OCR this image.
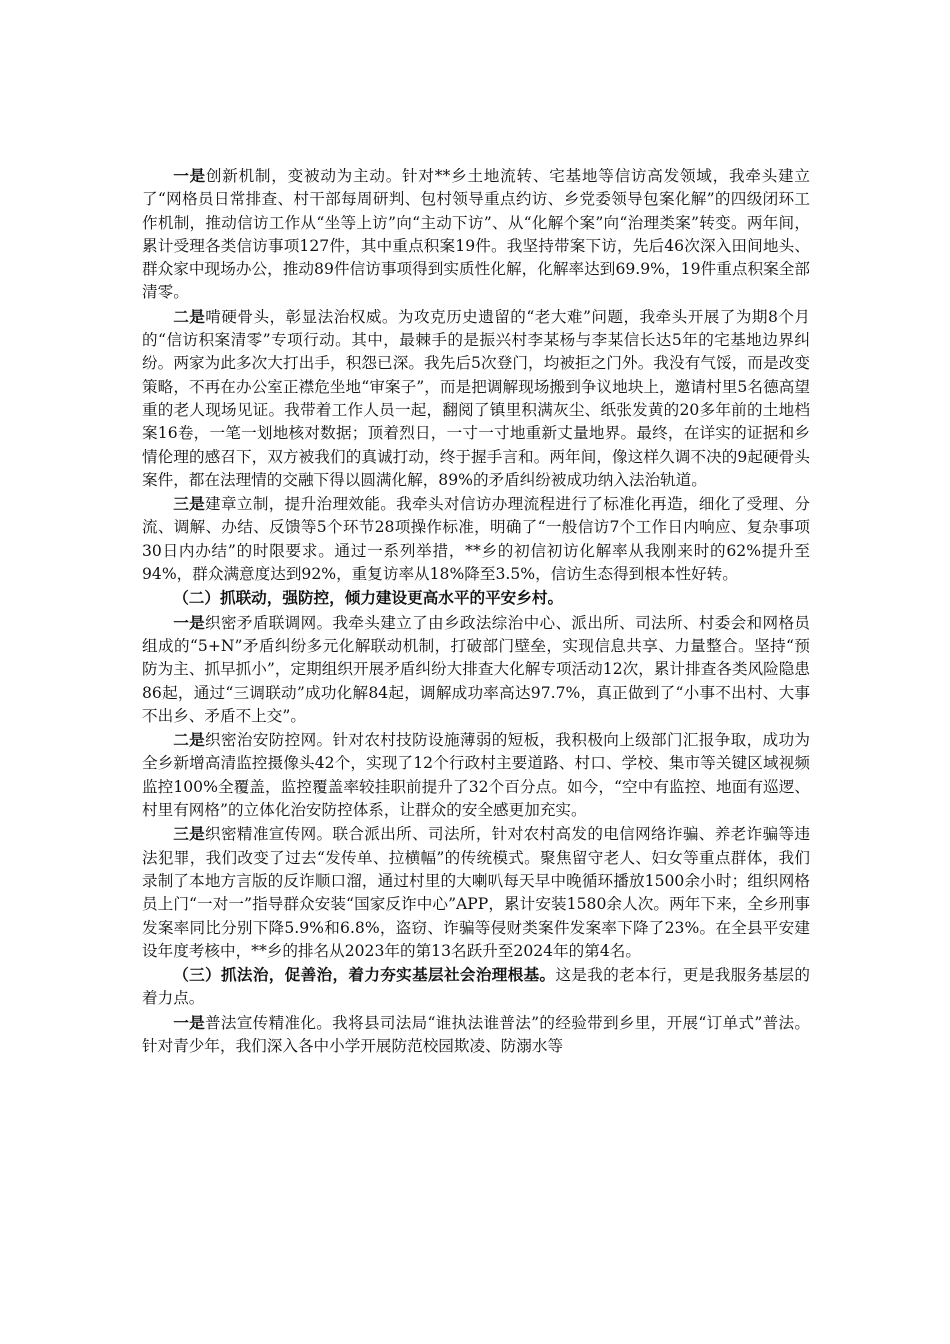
一是创新机制，变被动为主动。针对**乡土地流转、宅基地等信访高发领域，我牵头建立了“网格员日常排查、村干部每周研判、包村领导重点约访、乡党委领导包案化解”的四级闭环工作机制，推动信访工作从“坐等上访”向“主动下访”、从“化解个案”向“治理类案”转变。两年间，累计受理各类信访事项127件，其中重点积案19件。我坚持带案下访，先后46次深入田间地头、群众家中现场办公，推动89件信访事项得到实质性化解，化解率达到69.9%，19件重点积案全部清零。

二是啃硬骨头，彰显法治权威。为攻克历史遗留的“老大难”问题，我牵头开展了为期8个月的“信访积案清零”专项行动。其中，最棘手的是振兴村李某杨与李某信长达5年的宅基地边界纠纷。两家为此多次大打出手，积怨已深。我先后5次登门，均被拒之门外。我没有气馁，而是改变策略，不再在办公室正襟危坐地“审案子”，而是把调解现场搬到争议地块上，邀请村里5名德高望重的老人现场见证。我带着工作人员一起，翻阅了镇里积满灰尘、纸张发黄的20多年前的土地档案16卷，一笔一划地核对数据；顶着烈日，一寸一寸地重新丈量地界。最终，在详实的证据和乡情伦理的感召下，双方被我们的真诚打动，终于握手言和。两年间，像这样久调不决的9起硬骨头案件，都在法理情的交融下得以圆满化解，89%的矛盾纠纷被成功纳入法治轨道。

三是建章立制，提升治理效能。我牵头对信访办理流程进行了标准化再造，细化了受理、分流、调解、办结、反馈等5个环节28项操作标准，明确了“一般信访7个工作日内响应、复杂事项30日内办结”的时限要求。通过一系列举措，**乡的初信初访化解率从我刚来时的62%提升至94%，群众满意度达到92%，重复访率从18%降至3.5%，信访生态得到根本性好转。

（二）抓联动，强防控，倾力建设更高水平的平安乡村。

一是织密矛盾联调网。我牵头建立了由乡政法综治中心、派出所、司法所、村委会和网格员组成的“5+N”矛盾纠纷多元化解联动机制，打破部门壁垒，实现信息共享、力量整合。坚持“预防为主、抓早抓小”，定期组织开展矛盾纠纷大排查大化解专项活动12次，累计排查各类风险隐患86起，通过“三调联动”成功化解84起，调解成功率高达97.7%，真正做到了“小事不出村、大事不出乡、矛盾不上交”。

二是织密治安防控网。针对农村技防设施薄弱的短板，我积极向上级部门汇报争取，成功为全乡新增高清监控摄像头42个，实现了12个行政村主要道路、村口、学校、集市等关键区域视频监控100%全覆盖，监控覆盖率较挂职前提升了32个百分点。如今，“空中有监控、地面有巡逻、村里有网格”的立体化治安防控体系，让群众的安全感更加充实。

三是织密精准宣传网。联合派出所、司法所，针对农村高发的电信网络诈骗、养老诈骗等违法犯罪，我们改变了过去“发传单、拉横幅”的传统模式。聚焦留守老人、妇女等重点群体，我们录制了本地方言版的反诈顺口溜，通过村里的大喇叭每天早中晚循环播放1500余小时；组织网格员上门“一对一”指导群众安装“国家反诈中心”APP，累计安装1580余人次。两年下来，全乡刑事发案率同比分别下降5.9%和6.8%，盗窃、诈骗等侵财类案件发案率下降了23%。在全县平安建设年度考核中，**乡的排名从2023年的第13名跃升至2024年的第4名。

（三）抓法治，促善治，着力夯实基层社会治理根基。这是我的老本行，更是我服务基层的着力点。

一是普法宣传精准化。我将县司法局“谁执法谁普法”的经验带到乡里，开展“订单式”普法。针对青少年，我们深入各中小学开展防范校园欺凌、防溺水等
